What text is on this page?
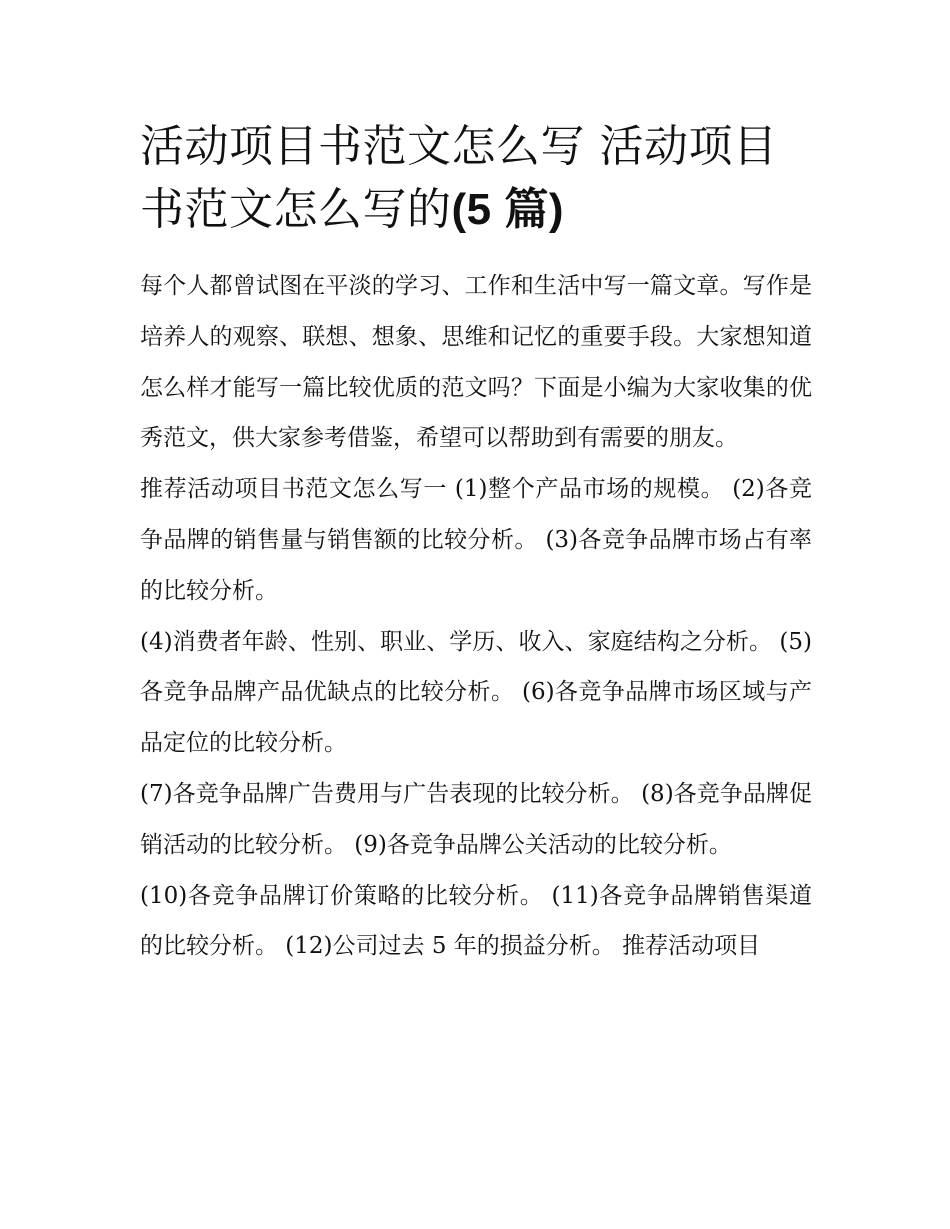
活动项目书范文怎么写 活动项目书范文怎么写的(5 篇)

每个人都曾试图在平淡的学习、工作和生活中写一篇文章。写作是培养人的观察、联想、想象、思维和记忆的重要手段。大家想知道怎么样才能写一篇比较优质的范文吗？下面是小编为大家收集的优秀范文，供大家参考借鉴，希望可以帮助到有需要的朋友。

推荐活动项目书范文怎么写一 (1)整个产品市场的规模。 (2)各竞争品牌的销售量与销售额的比较分析。 (3)各竞争品牌市场占有率的比较分析。

(4)消费者年龄、性别、职业、学历、收入、家庭结构之分析。 (5)各竞争品牌产品优缺点的比较分析。 (6)各竞争品牌市场区域与产品定位的比较分析。

(7)各竞争品牌广告费用与广告表现的比较分析。 (8)各竞争品牌促销活动的比较分析。 (9)各竞争品牌公关活动的比较分析。

(10)各竞争品牌订价策略的比较分析。 (11)各竞争品牌销售渠道的比较分析。 (12)公司过去 5 年的损益分析。 推荐活动项目
